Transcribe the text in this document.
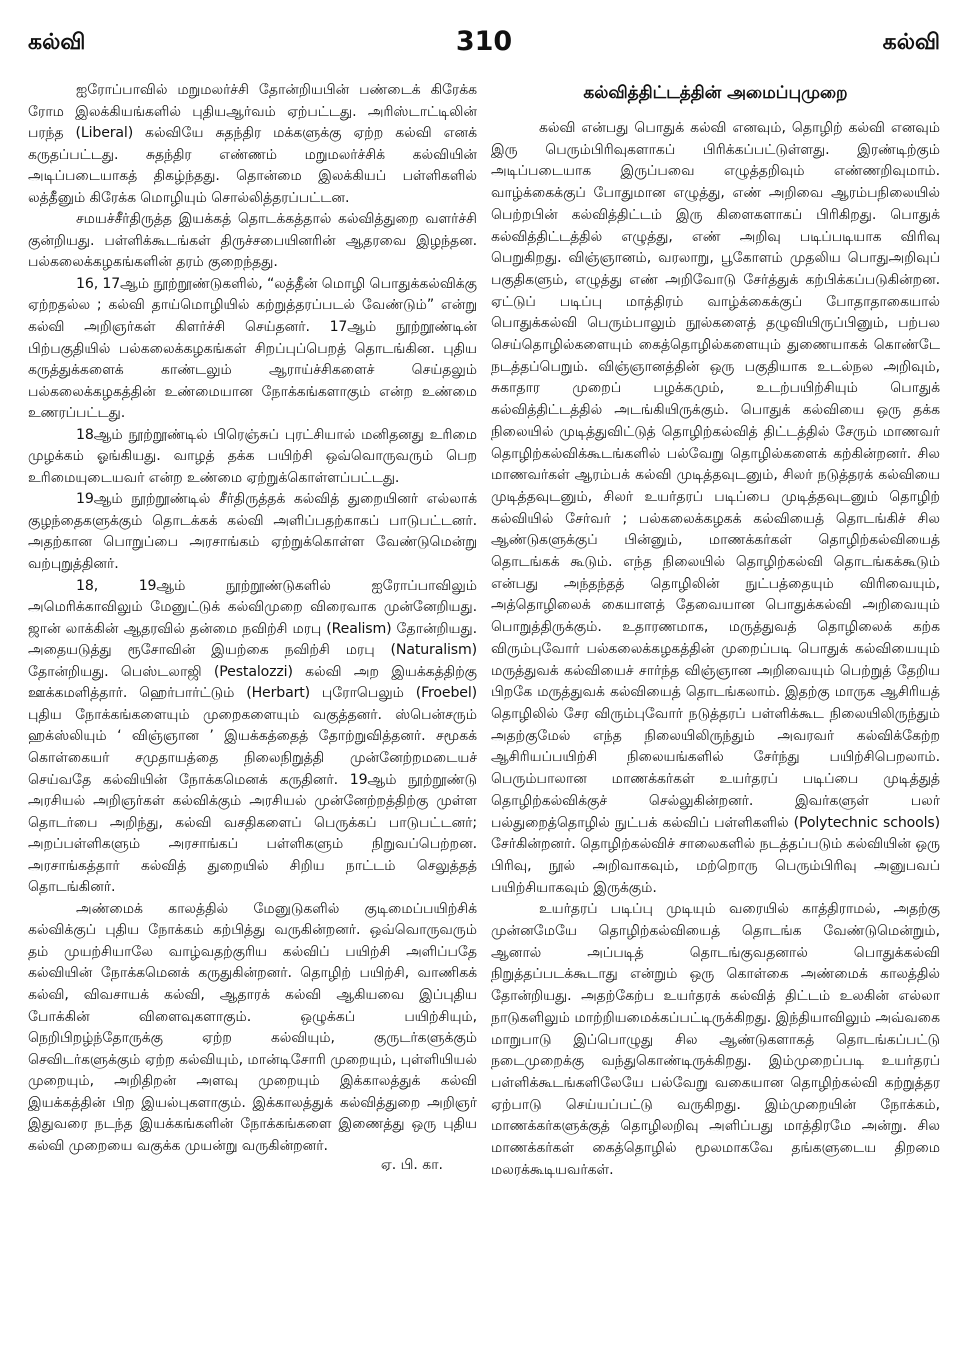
கல்வி	310	கல்வி

ஐரோப்பாவில் மறுமலர்ச்சி தோன்றியபின் பண்டைக் கிரேக்க ரோம இலக்கியங்களில் புதியஆர்வம் ஏற்பட்டது. அரிஸ்டாட்டிலின் பரந்த (Liberal) கல்வியே சுதந்திர மக்களுக்கு ஏற்ற கல்வி எனக் கருதப்பட்டது. சுதந்திர எண்ணம் மறுமலர்ச்சிக் கல்வியின் அடிப்படையாகத் திகழ்ந்தது. தொன்மை இலக்கியப் பள்ளிகளில் லத்தீனும் கிரேக்க மொழியும் சொல்லித்தரப்பட்டன.

சமயச்சீர்திருத்த இயக்கத் தொடக்கத்தால் கல்வித்துறை வளர்ச்சி குன்றியது. பள்ளிக்கூடங்கள் திருச்சபையினரின் ஆதரவை இழந்தன. பல்கலைக்கழகங்களின் தரம் குறைந்தது.

16, 17ஆம் நூற்றூண்டுகளில், “லத்தீன் மொழி பொதுக்கல்விக்கு ஏற்றதல்ல ; கல்வி தாய்மொழியில் கற்றுத்தரப்படல் வேண்டும்” என்று கல்வி அறிஞர்கள் கிளர்ச்சி செய்தனர். 17ஆம் நூற்றூண்டின் பிற்பகுதியில் பல்கலைக்கழகங்கள் சிறப்புப்பெறத் தொடங்கின. புதிய கருத்துக்களைக் காண்டலும் ஆராய்ச்சிகளைச் செய்தலும் பல்கலைக்கழகத்தின் உண்மையான நோக்கங்களாகும் என்ற உண்மை உணரப்பட்டது.

18ஆம் நூற்றூண்டில் பிரெஞ்சுப் புரட்சியால் மனிதனது உரிமை முழக்கம் ஓங்கியது. வாழத் தக்க பயிற்சி ஒவ்வொருவரும் பெற உரிமையுடையவர் என்ற உண்மை ஏற்றுக்கொள்ளப்பட்டது.

19ஆம் நூற்றூண்டில் சீர்திருத்தக் கல்வித் துறையினர் எல்லாக் குழந்தைகளுக்கும் தொடக்கக் கல்வி அளிப்பதற்காகப் பாடுபட்டனர். அதற்கான பொறுப்பை அரசாங்கம் ஏற்றுக்கொள்ள வேண்டுமென்று வற்புறுத்தினர்.

18, 19ஆம் நூற்றூண்டுகளில் ஐரோப்பாவிலும் அமெரிக்காவிலும் மேனுட்டுக் கல்விமுறை விரைவாக முன்னேறியது. ஜான் லாக்கின் ஆதரவில் தன்மை நவிற்சி மரபு (Realism) தோன்றியது. அதையடுத்து ரூசோவின் இயற்கை நவிற்சி மரபு (Naturalism) தோன்றியது. பெஸ்டலாஜி (Pestalozzi) கல்வி அற இயக்கத்திற்கு ஊக்கமளித்தார். ஹெர்பார்ட்டும் (Herbart) புரோபெலும் (Froebel) புதிய நோக்கங்களையும் முறைகளையும் வகுத்தனர். ஸ்பென்சரும் ஹக்ஸ்லியும் ‘ விஞ்ஞான ’ இயக்கத்தைத் தோற்றுவித்தனர். சமூகக் கொள்கையர் சமுதாயத்தை நிலைநிறுத்தி முன்னேற்றமடையச் செய்வதே கல்வியின் நோக்கமெனக் கருதினர். 19ஆம் நூற்றூண்டு அரசியல் அறிஞர்கள் கல்விக்கும் அரசியல் முன்னேற்றத்திற்கு முள்ள தொடர்பை அறிந்து, கல்வி வசதிகளைப் பெருக்கப் பாடுபட்டனர்; அறப்பள்ளிகளும் அரசாங்கப் பள்ளிகளும் நிறுவப்பெற்றன. அரசாங்கத்தார் கல்வித் துறையில் சிறிய நாட்டம் செலுத்தத் தொடங்கினர்.

அண்மைக் காலத்தில் மேனுடுகளில் குடிமைப்பயிற்சிக் கல்விக்குப் புதிய நோக்கம் கற்பித்து வருகின்றனர். ஒவ்வொருவரும் தம் முயற்சியாலே வாழ்வதற்குரிய கல்விப் பயிற்சி அளிப்பதே கல்வியின் நோக்கமெனக் கருதுகின்றனர். தொழிற் பயிற்சி, வாணிகக் கல்வி, விவசாயக் கல்வி, ஆதாரக் கல்வி ஆகியவை இப்புதிய போக்கின் விளைவுகளாகும். ஒழுக்கப் பயிற்சியும், நெறிபிறழ்ந்தோருக்கு ஏற்ற கல்வியும், குருடர்களுக்கும் செவிடர்களுக்கும் ஏற்ற கல்வியும், மான்டிசோரி முறையும், புள்ளியியல் முறையும், அறிதிறன் அளவு முறையும் இக்காலத்துக் கல்வி இயக்கத்தின் பிற இயல்புகளாகும். இக்காலத்துக் கல்வித்துறை அறிஞர் இதுவரை நடந்த இயக்கங்களின் நோக்கங்களை இணைத்து ஒரு புதிய கல்வி முறையை வகுக்க முயன்று வருகின்றனர்.

ஏ. பி. கா.
கல்வித்திட்டத்தின் அமைப்புமுறை

கல்வி என்பது பொதுக் கல்வி எனவும், தொழிற் கல்வி எனவும் இரு பெரும்பிரிவுகளாகப் பிரிக்கப்பட்டுள்ளது. இரண்டிற்கும் அடிப்படையாக இருப்பவை எழுத்தறிவும் எண்ணறிவுமாம். வாழ்க்கைக்குப் போதுமான எழுத்து, எண் அறிவை ஆரம்பநிலையில் பெற்றபின் கல்வித்திட்டம் இரு கிளைகளாகப் பிரிகிறது. பொதுக் கல்வித்திட்டத்தில் எழுத்து, எண் அறிவு படிப்படியாக விரிவு பெறுகிறது. விஞ்ஞானம், வரலாறு, பூகோளம் முதலிய பொதுஅறிவுப் பகுதிகளும், எழுத்து எண் அறிவோடு சேர்த்துக் கற்பிக்கப்படுகின்றன. ஏட்டுப் படிப்பு மாத்திரம் வாழ்க்கைக்குப் போதாதாகையால் பொதுக்கல்வி பெரும்பாலும் நூல்களைத் தழுவியிருப்பினும், பற்பல செய்தொழில்களையும் கைத்தொழில்களையும் துணையாகக் கொண்டே நடத்தப்பெறும். விஞ்ஞானத்தின் ஒரு பகுதியாக உடல்நல அறிவும், சுகாதார முறைப் பழக்கமும், உடற்பயிற்சியும் பொதுக் கல்வித்திட்டத்தில் அடங்கியிருக்கும். பொதுக் கல்வியை ஒரு தக்க நிலையில் முடித்துவிட்டுத் தொழிற்கல்வித் திட்டத்தில் சேரும் மாணவர் தொழிற்கல்விக்கூடங்களில் பல்வேறு தொழில்களைக் கற்கின்றனர். சில மாணவர்கள் ஆரம்பக் கல்வி முடித்தவுடனும், சிலர் நடுத்தரக் கல்வியை முடித்தவுடனும், சிலர் உயர்தரப் படிப்பை முடித்தவுடனும் தொழிற் கல்வியில் சேர்வர் ; பல்கலைக்கழகக் கல்வியைத் தொடங்கிச் சில ஆண்டுகளுக்குப் பின்னும், மாணக்கர்கள் தொழிற்கல்வியைத் தொடங்கக் கூடும். எந்த நிலையில் தொழிற்கல்வி தொடங்கக்கூடும் என்பது அந்தந்தத் தொழிலின் நுட்பத்தையும் விரிவையும், அத்தொழிலைக் கையாளத் தேவையான பொதுக்கல்வி அறிவையும் பொறுத்திருக்கும். உதாரணமாக, மருத்துவத் தொழிலைக் கற்க விரும்புவோர் பல்கலைக்கழகத்தின் முறைப்படி பொதுக் கல்வியையும் மருத்துவக் கல்வியைச் சார்ந்த விஞ்ஞான அறிவையும் பெற்றுத் தேறிய பிறகே மருத்துவக் கல்வியைத் தொடங்கலாம். இதற்கு மாருக ஆசிரியத் தொழிலில் சேர விரும்புவோர் நடுத்தரப் பள்ளிக்கூட நிலையிலிருந்தும் அதற்குமேல் எந்த நிலையிலிருந்தும் அவரவர் கல்விக்கேற்ற ஆசிரியப்பயிற்சி நிலையங்களில் சேர்ந்து பயிற்சிபெறலாம். பெரும்பாலான மாணக்கர்கள் உயர்தரப் படிப்பை முடித்துத் தொழிற்கல்விக்குச் செல்லுகின்றனர். இவர்களுள் பலர் பல்துறைத்தொழில் நுட்பக் கல்விப் பள்ளிகளில் (Polytechnic schools) சேர்கின்றனர். தொழிற்கல்விச் சாலைகளில் நடத்தப்படும் கல்வியின் ஒரு பிரிவு, நூல் அறிவாகவும், மற்றொரு பெரும்பிரிவு அனுபவப் பயிற்சியாகவும் இருக்கும்.

உயர்தரப் படிப்பு முடியும் வரையில் காத்திராமல், அதற்கு முன்னமேயே தொழிற்கல்வியைத் தொடங்க வேண்டுமென்றும், ஆனால் அப்படித் தொடங்குவதனால் பொதுக்கல்வி நிறுத்தப்படக்கூடாது என்றும் ஒரு கொள்கை அண்மைக் காலத்தில் தோன்றியது. அதற்கேற்ப உயர்தரக் கல்வித் திட்டம் உலகின் எல்லா நாடுகளிலும் மாற்றியமைக்கப்பட்டிருக்கிறது. இந்தியாவிலும் அவ்வகை மாறுபாடு இப்பொழுது சில ஆண்டுகளாகத் தொடங்கப்பட்டு நடைமுறைக்கு வந்துகொண்டிருக்கிறது. இம்முறைப்படி உயர்தரப் பள்ளிக்கூடங்களிலேயே பல்வேறு வகையான தொழிற்கல்வி கற்றுத்தர ஏற்பாடு செய்யப்பட்டு வருகிறது. இம்முறையின் நோக்கம், மாணக்கர்களுக்குத் தொழிலறிவு அளிப்பது மாத்திரமே அன்று. சில மாணக்கர்கள் கைத்தொழில் மூலமாகவே தங்களுடைய திறமை மலரக்கூடியவர்கள்.
